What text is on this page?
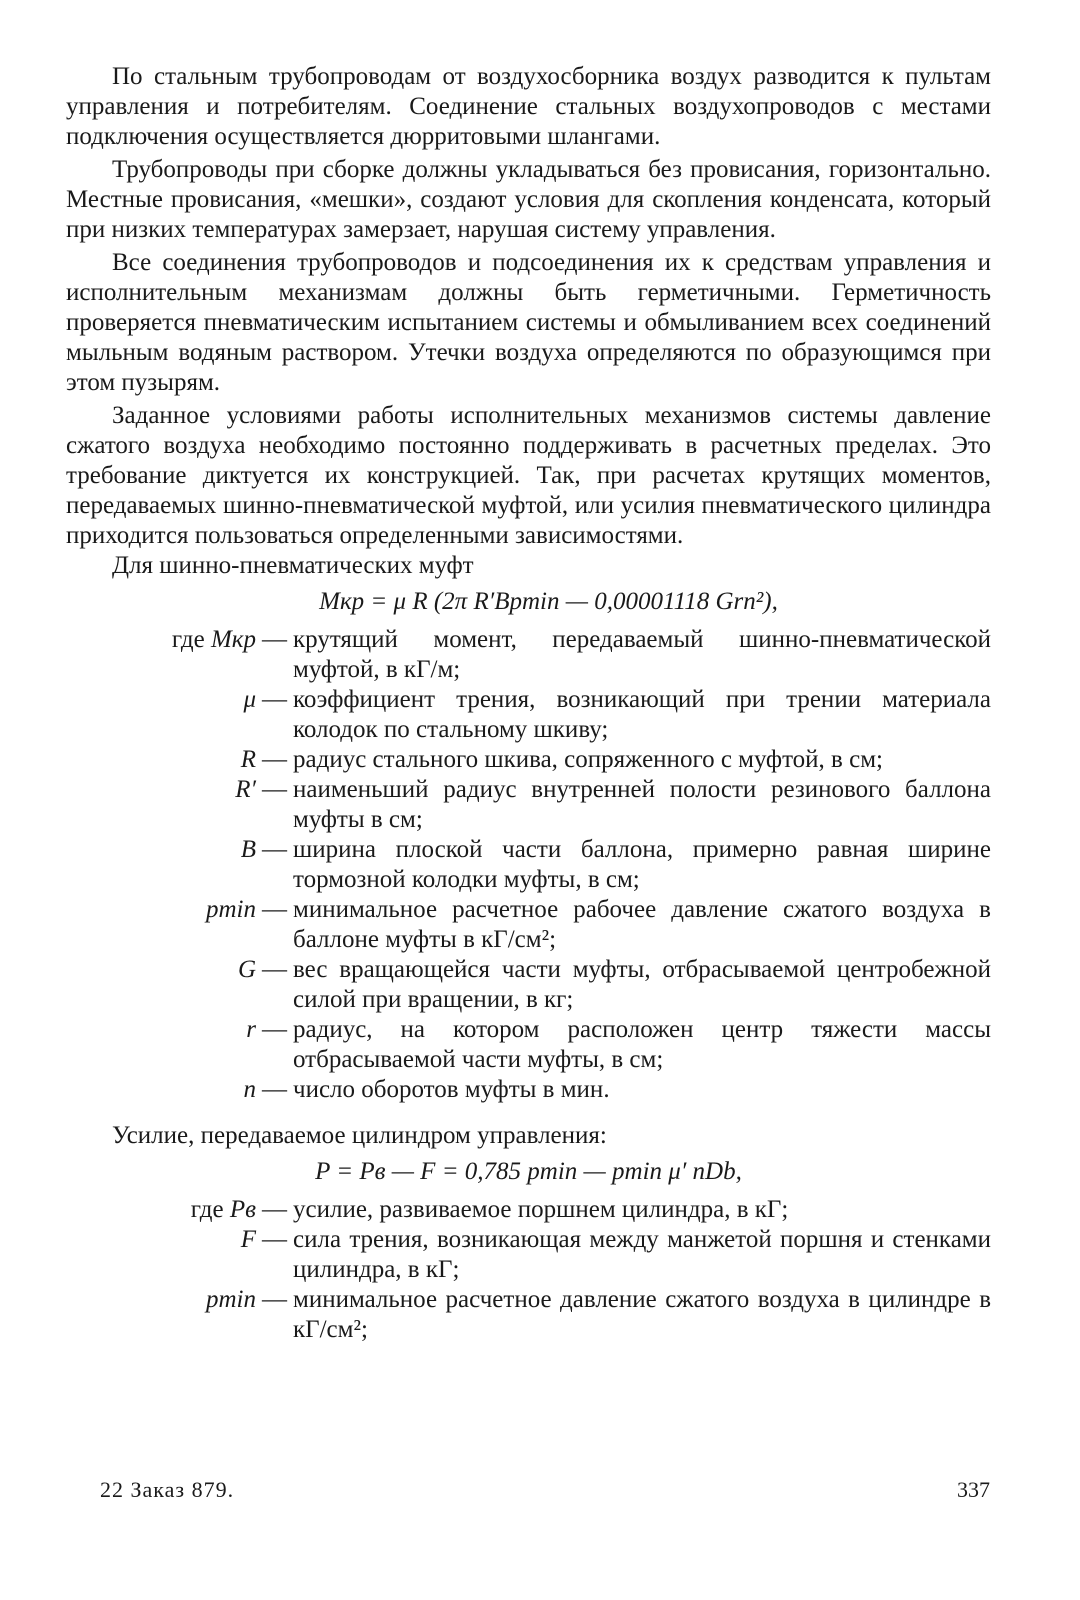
По стальным трубопроводам от воздухосборника воздух разводится к пультам управления и потребителям. Соединение стальных воздухопроводов с местами подключения осуществляется дюрритовыми шлангами.

Трубопроводы при сборке должны укладываться без провисания, горизонтально. Местные провисания, «мешки», создают условия для скопления конденсата, который при низких температурах замерзает, нарушая систему управления.

Все соединения трубопроводов и подсоединения их к средствам управления и исполнительным механизмам должны быть герметичными. Герметичность проверяется пневматическим испытанием системы и обмыливанием всех соединений мыльным водяным раствором. Утечки воздуха определяются по образующимся при этом пузырям.

Заданное условиями работы исполнительных механизмов системы давление сжатого воздуха необходимо постоянно поддерживать в расчетных пределах. Это требование диктуется их конструкцией. Так, при расчетах крутящих моментов, передаваемых шинно-пневматической муфтой, или усилия пневматического цилиндра приходится пользоваться определенными зависимостями.

Для шинно-пневматических муфт

Mкр = μ R (2π R′Bpmin — 0,00001118 Grn²),
где Mкр — крутящий момент, передаваемый шинно-пневматической муфтой, в кГ/м;
μ — коэффициент трения, возникающий при трении материала колодок по стальному шкиву;
R — радиус стального шкива, сопряженного с муфтой, в см;
R′ — наименьший радиус внутренней полости резинового баллона муфты в см;
B — ширина плоской части баллона, примерно равная ширине тормозной колодки муфты, в см;
pmin — минимальное расчетное рабочее давление сжатого воздуха в баллоне муфты в кГ/см²;
G — вес вращающейся части муфты, отбрасываемой центробежной силой при вращении, в кг;
r — радиус, на котором расположен центр тяжести массы отбрасываемой части муфты, в см;
n — число оборотов муфты в мин.

Усилие, передаваемое цилиндром управления:

P = Pв — F = 0,785 pmin — pmin μ′ nDb,
где Pв — усилие, развиваемое поршнем цилиндра, в кГ;
F — сила трения, возникающая между манжетой поршня и стенками цилиндра, в кГ;
pmin — минимальное расчетное давление сжатого воздуха в цилиндре в кГ/см²;
22 Заказ 879.	337
